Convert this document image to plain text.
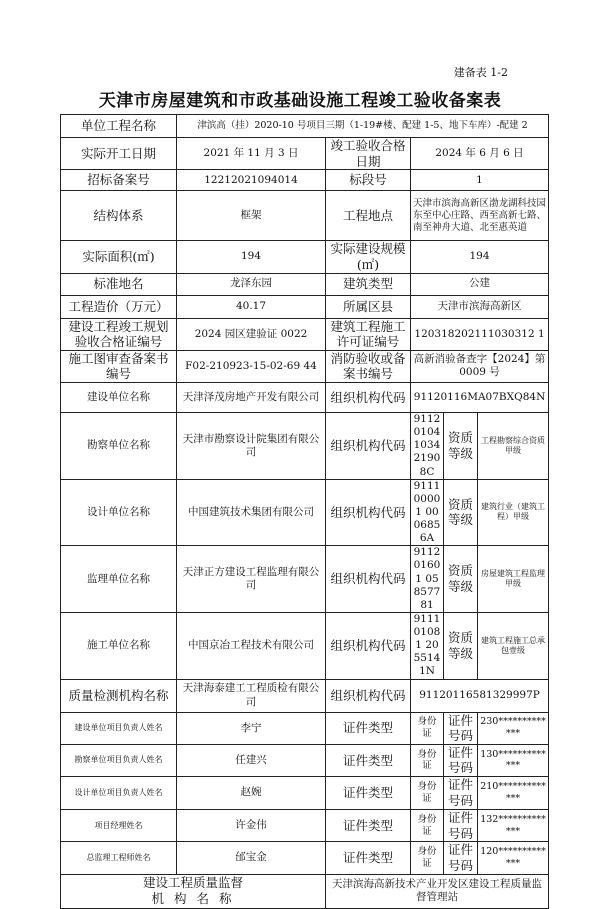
建备表 1-2
天津市房屋建筑和市政基础设施工程竣工验收备案表
单位工程名称	津滨高（挂）2020-10 号项目三期（1-19#楼、配建 1-5、地下车库）-配建 2				
实际开工日期	2021 年 11 月 3 日	竣工验收合格日期	2024 年 6 月 6 日		
招标备案号	12212021094014	标段号	1		
结构体系	框架	工程地点	天津市滨海高新区渤龙湖科技园东至中心庄路、西至高新七路、南至神舟大道、北至惠英道		
实际面积(㎡)	194	实际建设规模(㎡)	194		
标准地名	龙泽东园	建筑类型	公建		
工程造价（万元）	40.17	所属区县	天津市滨海高新区		
建设工程竣工规划验收合格证编号	2024 园区建验证 0022	建筑工程施工许可证编号	120318202111030312 1		
施工图审查备案书编号	F02-210923-15-02-69 44	消防验收或备案书编号	高新消验备查字【2024】第 0009 号		
建设单位名称	天津泽茂房地产开发有限公司	组织机构代码	91120116MA07BXQ84N		
勘察单位名称	天津市勘察设计院集团有限公司	组织机构代码	91120104103421908C	资质等级	工程勘察综合资质甲级
设计单位名称	中国建筑技术集团有限公司	组织机构代码	911100001 0006856A	资质等级	建筑行业（建筑工程）甲级
监理单位名称	天津正方建设工程监理有限公司	组织机构代码	911201601 05857781	资质等级	房屋建筑工程监理甲级
施工单位名称	中国京冶工程技术有限公司	组织机构代码	911101081 2055141N	资质等级	建筑工程施工总承包壹级
质量检测机构名称	天津海泰建工工程质检有限公司	组织机构代码	91120116581329997P		
建设单位项目负责人姓名	李宁	证件类型	身份证	证件号码	230*************
勘察单位项目负责人姓名	任建兴	证件类型	身份证	证件号码	130*************
设计单位项目负责人姓名	赵婉	证件类型	身份证	证件号码	210*************
项目经理姓名	许金伟	证件类型	身份证	证件号码	132*************
总监理工程师姓名	邰宝金	证件类型	身份证	证件号码	120*************

建设工程质量监督
机 构 名 称		天津滨海高新技术产业开发区建设工程质量监督管理站			
